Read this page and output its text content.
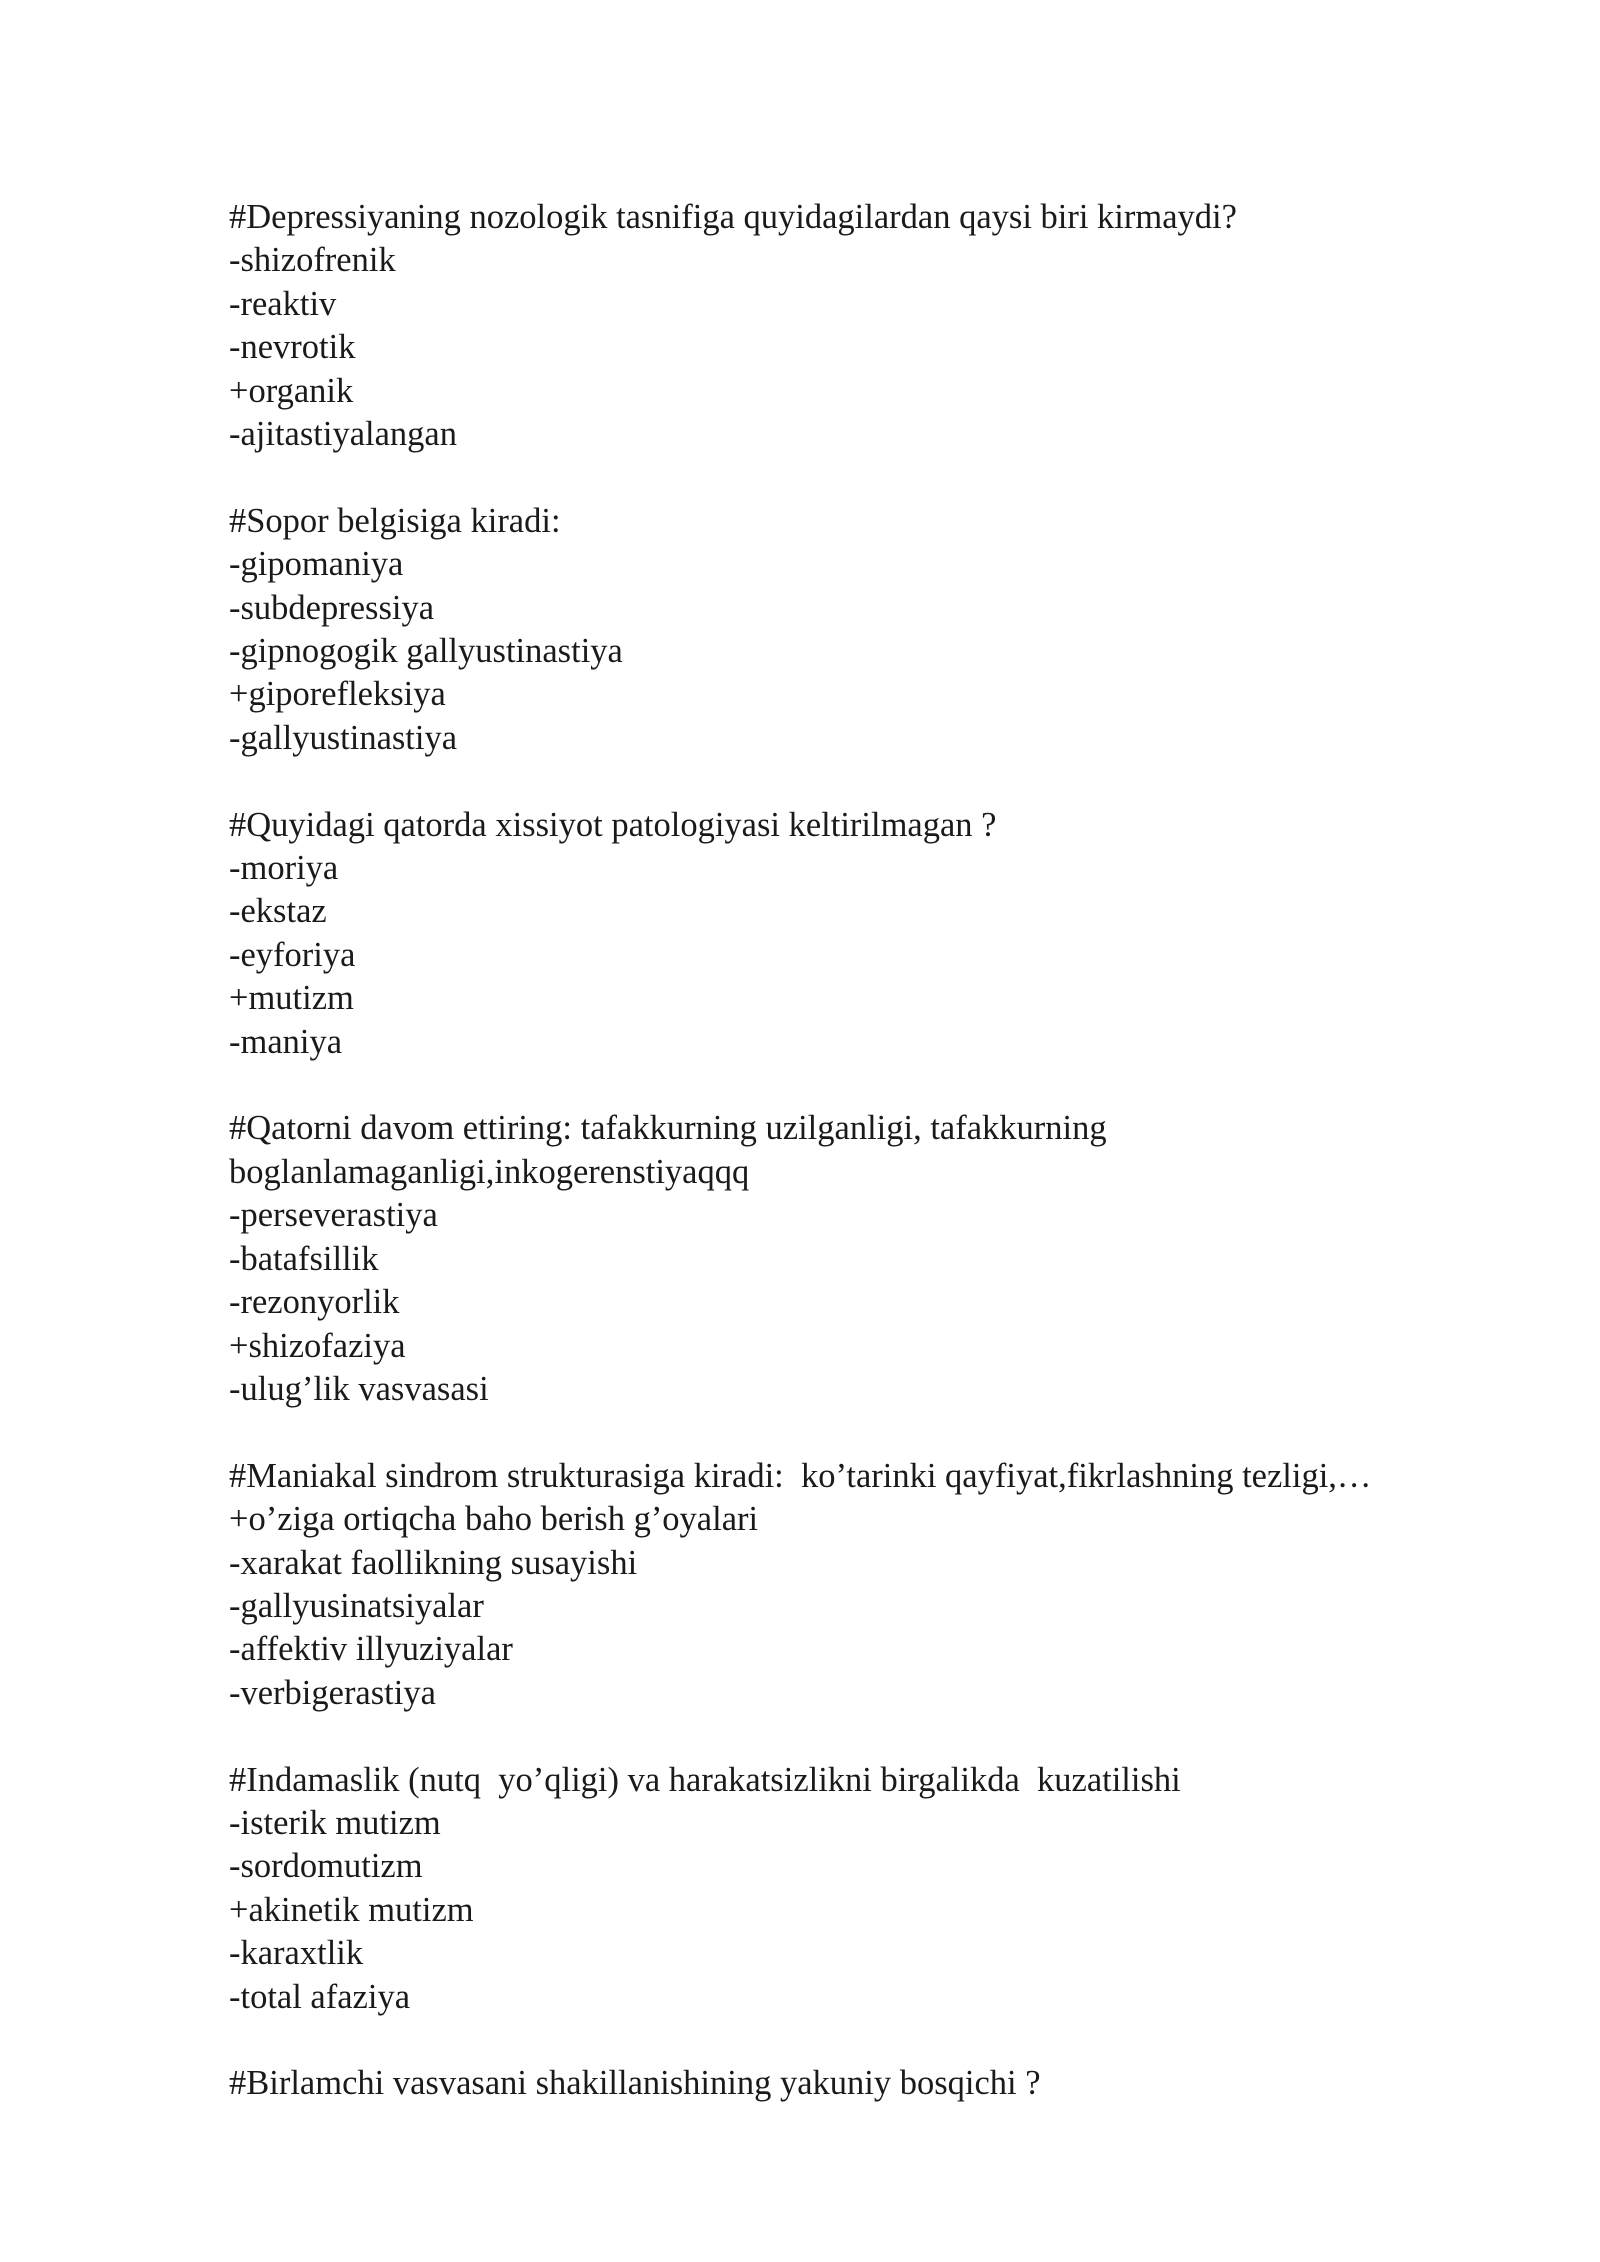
#Depressiyaning nozologik tasnifiga quyidagilardan qaysi biri kirmaydi?
-shizofrenik
-reaktiv
-nevrotik
+organik
-ajitastiyalangan
#Sopor belgisiga kiradi:
-gipomaniya
-subdepressiya
-gipnogogik gallyustinastiya
+giporefleksiya
-gallyustinastiya
#Quyidagi qatorda xissiyot patologiyasi keltirilmagan ?
-moriya
-ekstaz
-eyforiya
+mutizm
-maniya
#Qatorni davom ettiring: tafakkurning uzilganligi, tafakkurning
boglanlamaganligi,inkogerenstiyaqqq
-perseverastiya
-batafsillik
-rezonyorlik
+shizofaziya
-ulug’lik vasvasasi
#Maniakal sindrom strukturasiga kiradi:  ko’tarinki qayfiyat,fikrlashning tezligi,…
+o’ziga ortiqcha baho berish g’oyalari
-xarakat faollikning susayishi
-gallyusinatsiyalar
-affektiv illyuziyalar
-verbigerastiya
#Indamaslik (nutq  yo’qligi) va harakatsizlikni birgalikda  kuzatilishi
-isterik mutizm
-sordomutizm
+akinetik mutizm
-karaxtlik
-total afaziya
#Birlamchi vasvasani shakillanishining yakuniy bosqichi ?
